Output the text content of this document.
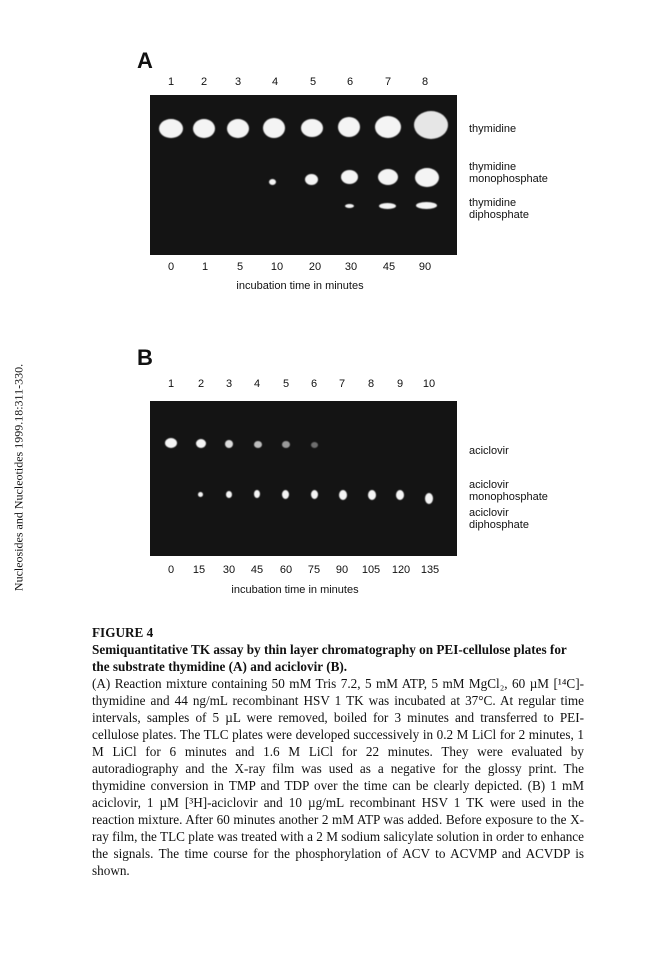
Nucleosides and Nucleotides 1999.18:311-330.
A
1 2	3	4	5	6	7	8
thymidine
thymidine
monophosphate
thymidine
diphosphate
0	1	5	10 20 30 45 90
incubation time in minutes
B
1 2 3 4 5 6 7 8 9 10
aciclovir
aciclovir
monophosphate
aciclovir
diphosphate
0 15 30 45 60 75 90 105 120 135
incubation time in minutes
FIGURE 4
Semiquantitative TK assay by thin layer chromatography on PEI-cellulose plates for the substrate thymidine (A) and aciclovir (B).

(A) Reaction mixture containing 50 mM Tris 7.2, 5 mM ATP, 5 mM MgCl₂, 60 µM [¹⁴C]-thymidine and 44 ng/mL recombinant HSV 1 TK was incubated at 37°C. At regular time intervals, samples of 5 µL were removed, boiled for 3 minutes and transferred to PEI-cellulose plates. The TLC plates were developed successively in 0.2 M LiCl for 2 minutes, 1 M LiCl for 6 minutes and 1.6 M LiCl for 22 minutes. They were evaluated by autoradiography and the X-ray film was used as a negative for the glossy print. The thymidine conversion in TMP and TDP over the time can be clearly depicted. (B) 1 mM aciclovir, 1 µM [³H]-aciclovir and 10 µg/mL recombinant HSV 1 TK were used in the reaction mixture. After 60 minutes another 2 mM ATP was added. Before exposure to the X-ray film, the TLC plate was treated with a 2 M sodium salicylate solution in order to enhance the signals. The time course for the phosphorylation of ACV to ACVMP and ACVDP is shown.
